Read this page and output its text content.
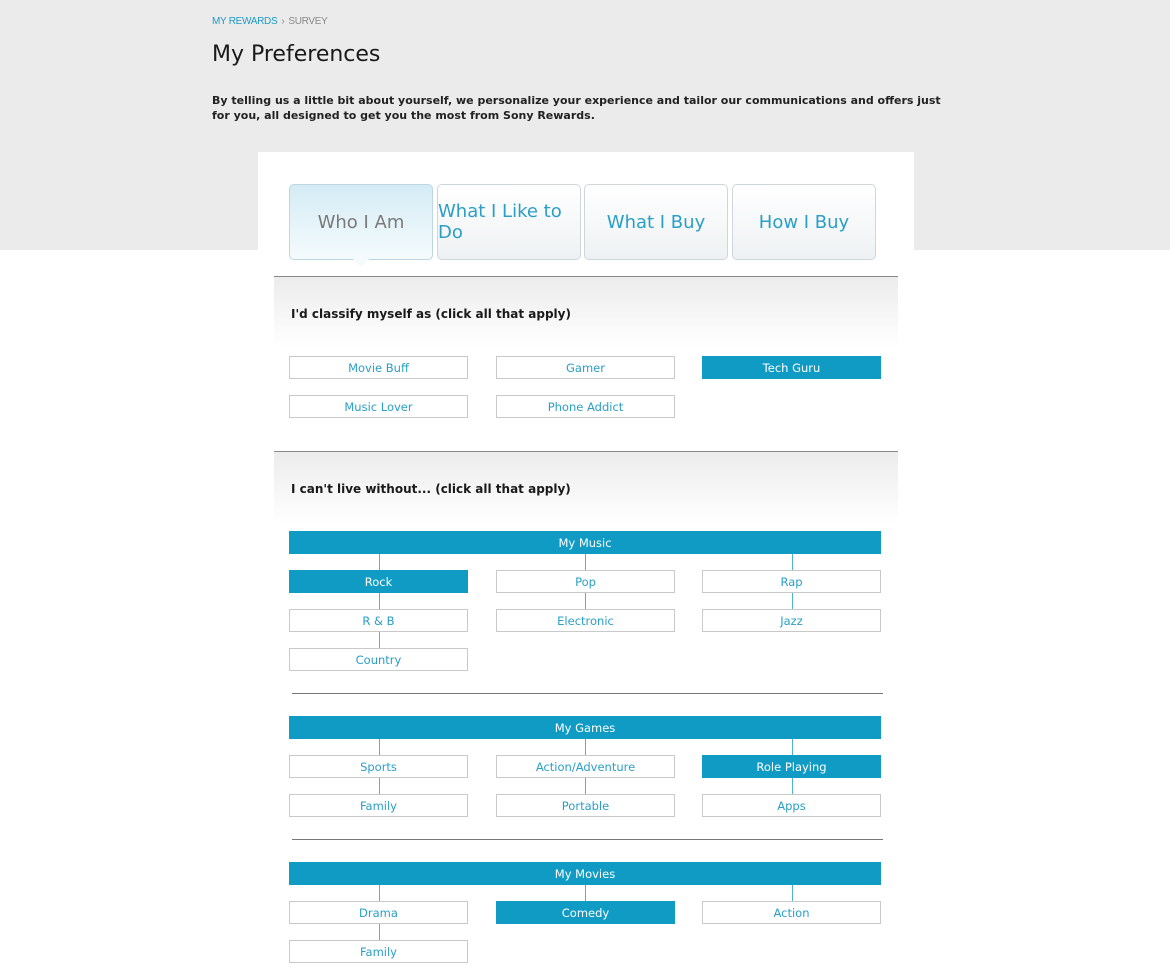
MY REWARDS › SURVEY
My Preferences

By telling us a little bit about yourself, we personalize your experience and tailor our communications and offers just for you, all designed to get you the most from Sony Rewards.

Who I Am	What I Like to Do	What I Buy	How I Buy
I'd classify myself as (click all that apply)
Movie Buff	Gamer	Tech Guru
Music Lover	Phone Addict
I can't live without... (click all that apply)
My Music
Rock	Pop	Rap
R & B	Electronic	Jazz
Country
My Games
Sports	Action/Adventure	Role Playing
Family	Portable	Apps
My Movies
Drama	Comedy	Action
Family
